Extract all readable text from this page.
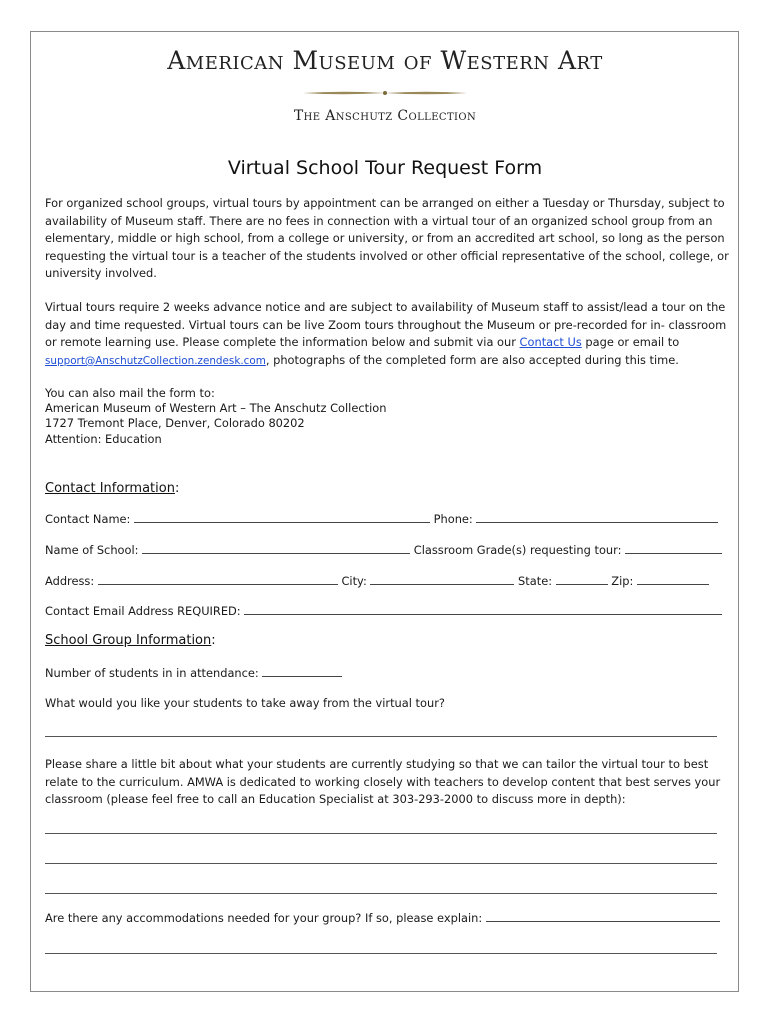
American Museum of Western Art
The Anschutz Collection
Virtual School Tour Request Form

For organized school groups, virtual tours by appointment can be arranged on either a Tuesday or Thursday, subject to availability of Museum staff. There are no fees in connection with a virtual tour of an organized school group from an elementary, middle or high school, from a college or university, or from an accredited art school, so long as the person requesting the virtual tour is a teacher of the students involved or other official representative of the school, college, or university involved.

Virtual tours require 2 weeks advance notice and are subject to availability of Museum staff to assist/lead a tour on the day and time requested. Virtual tours can be live Zoom tours throughout the Museum or pre-recorded for in- classroom or remote learning use. Please complete the information below and submit via our Contact Us page or email to support@AnschutzCollection.zendesk.com, photographs of the completed form are also accepted during this time.

You can also mail the form to:
American Museum of Western Art – The Anschutz Collection
1727 Tremont Place, Denver, Colorado 80202
Attention: Education
Contact Information:
Contact Name:	Phone:
Name of School:	Classroom Grade(s) requesting tour:
Address:	City:	State:	Zip:
Contact Email Address REQUIRED:
School Group Information:
Number of students in in attendance:
What would you like your students to take away from the virtual tour?

Please share a little bit about what your students are currently studying so that we can tailor the virtual tour to best relate to the curriculum. AMWA is dedicated to working closely with teachers to develop content that best serves your classroom (please feel free to call an Education Specialist at 303-293-2000 to discuss more in depth):

Are there any accommodations needed for your group? If so, please explain:
